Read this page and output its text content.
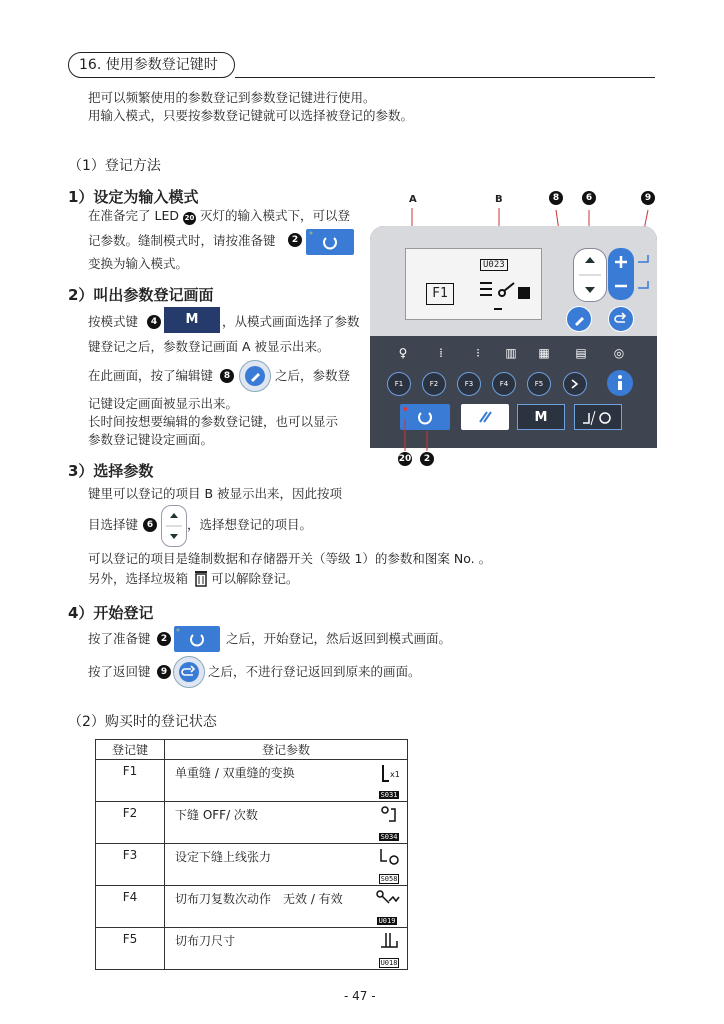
16. 使用参数登记键时
把可以频繁使用的参数登记到参数登记键进行使用。
用输入模式，只要按参数登记键就可以选择被登记的参数。
（1）登记方法
1）设定为输入模式
在准备完了 LED 20 灭灯的输入模式下，可以登
记参数。缝制模式时，请按准备键	2
变换为输入模式。
2）叫出参数登记画面
按模式键	4	M	，从模式画面选择了参数
键登记之后，参数登记画面 A 被显示出来。
在此画面，按了编辑键	8	之后，参数登
记键设定画面被显示出来。
长时间按想要编辑的参数登记键，也可以显示
参数登记键设定画面。
3）选择参数
键里可以登记的项目 B 被显示出来，因此按项
目选择键 6	，选择想登记的项目。
可以登记的项目是缝制数据和存储器开关（等级 1）的参数和图案 No. 。
另外，选择垃圾箱 可以解除登记。
4）开始登记
按了准备键	2	之后，开始登记，然后返回到模式画面。
按了返回键	9	之后，不进行登记返回到原来的画面。
（2）购买时的登记状态
A	B	8	6	9
F1
U023
♀	⁞	⁝	▥	▦	▤	◎
F1	F2	F3	F4	F5
M
20	2
登记键	登记参数
F1	单重缝 / 双重缝的变换 x1
S031

F2	下缝 OFF/ 次数
S034

F3	设定下缝上线张力
S058

F4	切布刀复数次动作　无效 / 有效
U019

F5	切布刀尺寸
U018
- 47 -
